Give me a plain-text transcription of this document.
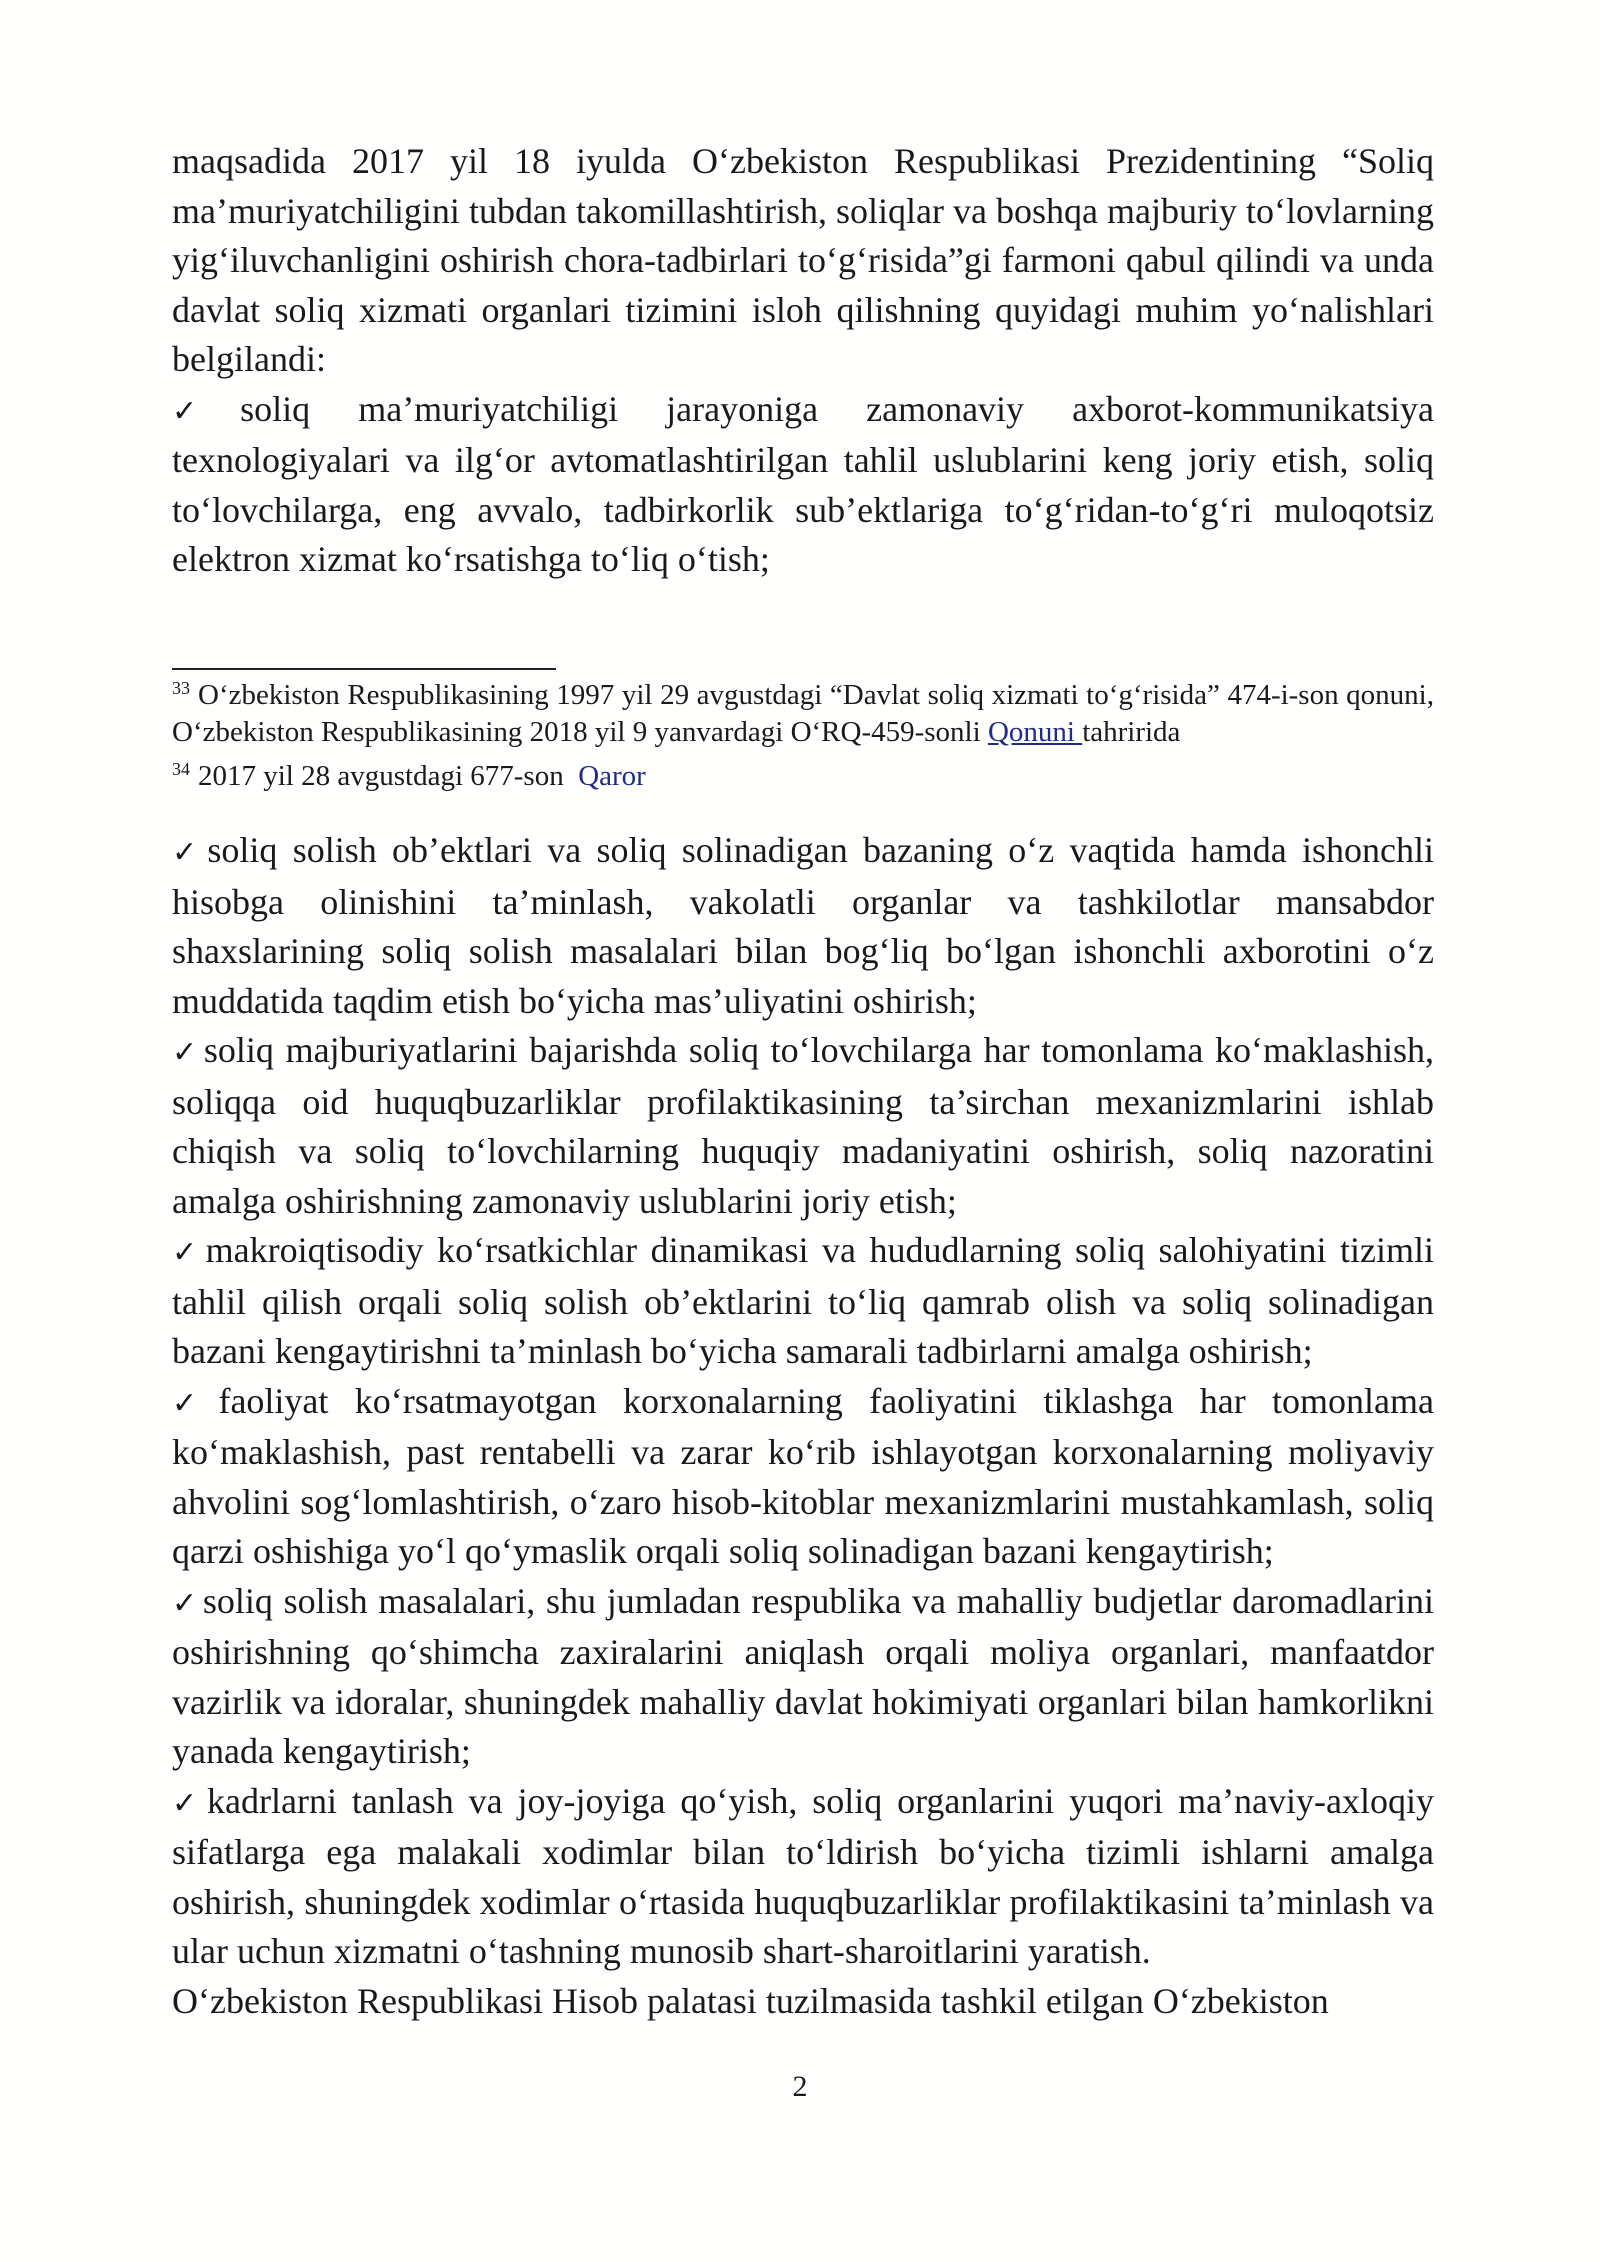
maqsadida 2017 yil 18 iyulda O‘zbekiston Respublikasi Prezidentining “Soliq ma’muriyatchiligini tubdan takomillashtirish, soliqlar va boshqa majburiy to‘lovlarning yig‘iluvchanligini oshirish chora-tadbirlari to‘g‘risida”gi farmoni qabul qilindi va unda davlat soliq xizmati organlari tizimini isloh qilishning quyidagi muhim yo‘nalishlari belgilandi:

✓ soliq ma’muriyatchiligi jarayoniga zamonaviy axborot-kommunikatsiya texnologiyalari va ilg‘or avtomatlashtirilgan tahlil uslublarini keng joriy etish, soliq to‘lovchilarga, eng avvalo, tadbirkorlik sub’ektlariga to‘g‘ridan-to‘g‘ri muloqotsiz elektron xizmat ko‘rsatishga to‘liq o‘tish;

$^{33}$ O‘zbekiston Respublikasining 1997 yil 29 avgustdagi “Davlat soliq xizmati to‘g‘risida” 474-i-son qonuni, O‘zbekiston Respublikasining 2018 yil 9 yanvardagi O‘RQ-459-sonli Qonuni tahririda

$^{34}$ 2017 yil 28 avgustdagi 677-son Qaror

✓ soliq solish ob’ektlari va soliq solinadigan bazaning o‘z vaqtida hamda ishonchli hisobga olinishini ta’minlash, vakolatli organlar va tashkilotlar mansabdor shaxslarining soliq solish masalalari bilan bog‘liq bo‘lgan ishonchli axborotini o‘z muddatida taqdim etish bo‘yicha mas’uliyatini oshirish;

✓ soliq majburiyatlarini bajarishda soliq to‘lovchilarga har tomonlama ko‘maklashish, soliqqa oid huquqbuzarliklar profilaktikasining ta’sirchan mexanizmlarini ishlab chiqish va soliq to‘lovchilarning huquqiy madaniyatini oshirish, soliq nazoratini amalga oshirishning zamonaviy uslublarini joriy etish;

✓ makroiqtisodiy ko‘rsatkichlar dinamikasi va hududlarning soliq salohiyatini tizimli tahlil qilish orqali soliq solish ob’ektlarini to‘liq qamrab olish va soliq solinadigan bazani kengaytirishni ta’minlash bo‘yicha samarali tadbirlarni amalga oshirish;

✓ faoliyat ko‘rsatmayotgan korxonalarning faoliyatini tiklashga har tomonlama ko‘maklashish, past rentabelli va zarar ko‘rib ishlayotgan korxonalarning moliyaviy ahvolini sog‘lomlashtirish, o‘zaro hisob-kitoblar mexanizmlarini mustahkamlash, soliq qarzi oshishiga yo‘l qo‘ymaslik orqali soliq solinadigan bazani kengaytirish;

✓ soliq solish masalalari, shu jumladan respublika va mahalliy budjetlar daromadlarini oshirishning qo‘shimcha zaxiralarini aniqlash orqali moliya organlari, manfaatdor vazirlik va idoralar, shuningdek mahalliy davlat hokimiyati organlari bilan hamkorlikni yanada kengaytirish;

✓ kadrlarni tanlash va joy-joyiga qo‘yish, soliq organlarini yuqori ma’naviy-axloqiy sifatlarga ega malakali xodimlar bilan to‘ldirish bo‘yicha tizimli ishlarni amalga oshirish, shuningdek xodimlar o‘rtasida huquqbuzarliklar profilaktikasini ta’minlash va ular uchun xizmatni o‘tashning munosib shart-sharoitlarini yaratish.

O‘zbekiston Respublikasi Hisob palatasi tuzilmasida tashkil etilgan O‘zbekiston

2
